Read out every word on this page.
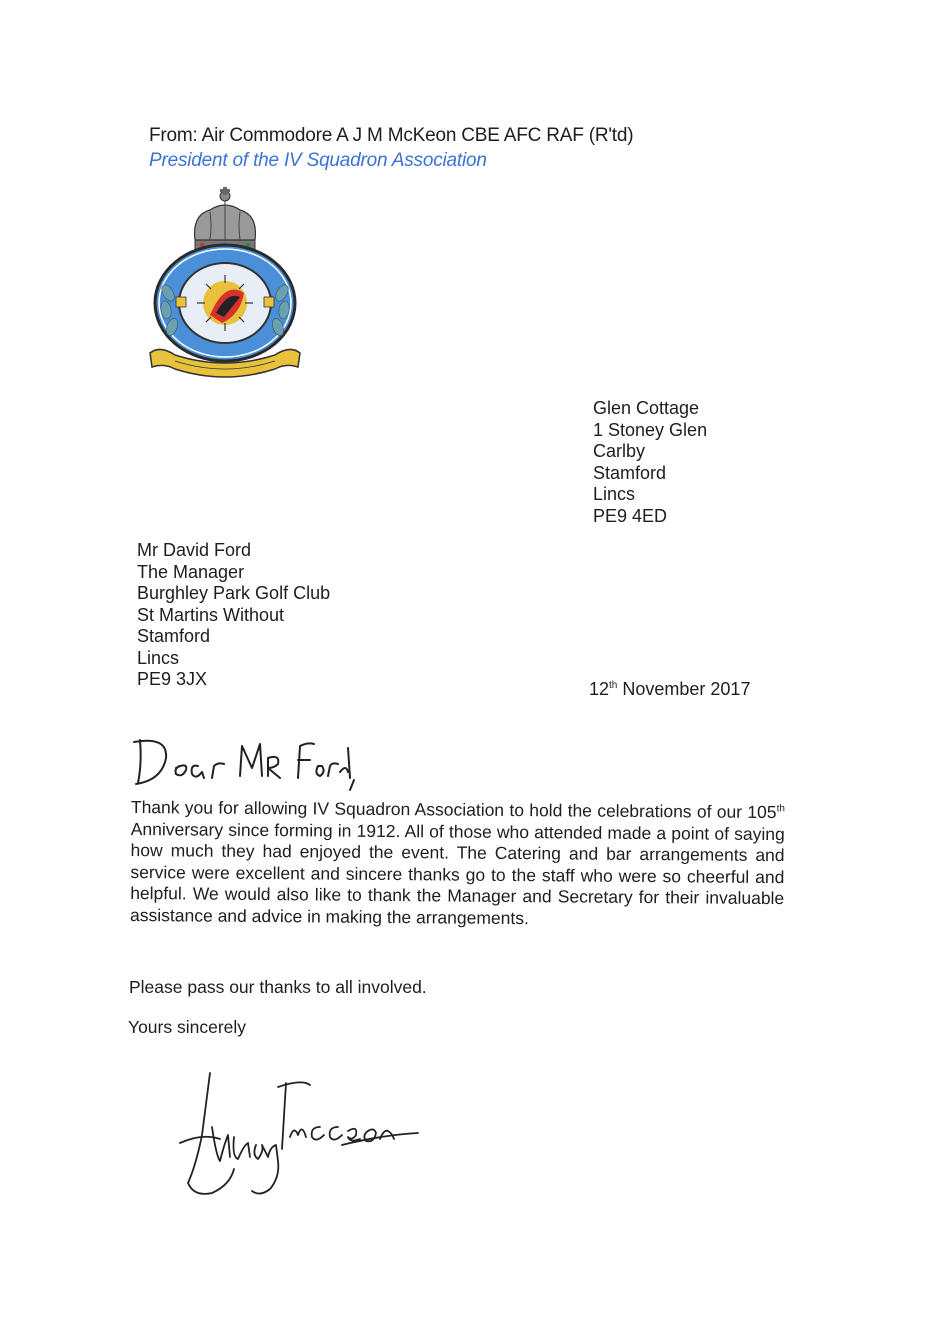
From: Air Commodore A J M McKeon CBE AFC RAF (R'td)
President of the IV Squadron Association
Glen Cottage
1 Stoney Glen
Carlby
Stamford
Lincs
PE9 4ED
Mr David Ford
The Manager
Burghley Park Golf Club
St Martins Without
Stamford
Lincs
PE9 3JX	12th November 2017
Thank you for allowing IV Squadron Association to hold the celebrations of our 105th Anniversary since forming in 1912. All of those who attended made a point of saying how much they had enjoyed the event. The Catering and bar arrangements and service were excellent and sincere thanks go to the staff who were so cheerful and helpful. We would also like to thank the Manager and Secretary for their invaluable assistance and advice in making the arrangements.
Please pass our thanks to all involved.
Yours sincerely
